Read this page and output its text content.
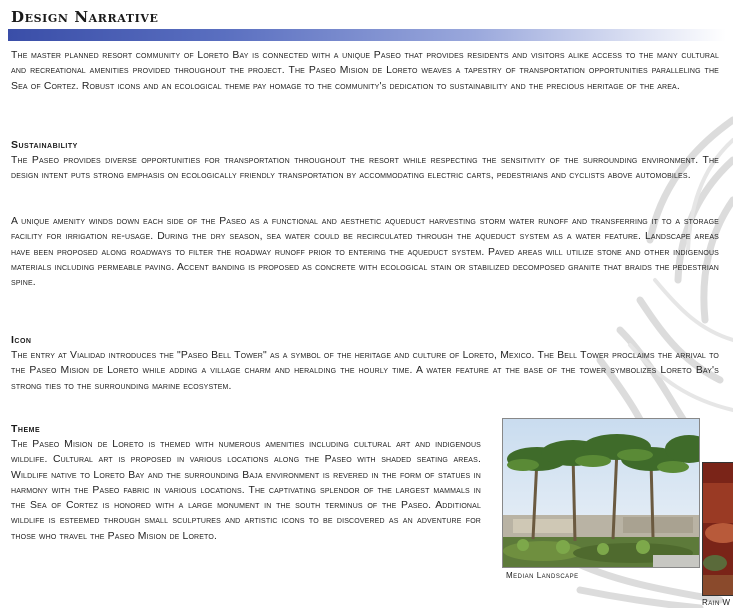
Design Narrative

The master planned resort community of Loreto Bay is connected with a unique Paseo that provides residents and visitors alike access to the many cultural and recreational amenities provided throughout the project. The Paseo Mision de Loreto weaves a tapestry of transportation opportunities paralleling the Sea of Cortez. Robust icons and an ecological theme pay homage to the community's dedication to sustainability and the precious heritage of the area.

Sustainability

The Paseo provides diverse opportunities for transportation throughout the resort while respecting the sensitivity of the surrounding environment. The design intent puts strong emphasis on ecologically friendly transportation by accommodating electric carts, pedestrians and cyclists above automobiles.

A unique amenity winds down each side of the Paseo as a functional and aesthetic aqueduct harvesting storm water runoff and transferring it to a storage facility for irrigation re-usage. During the dry season, sea water could be recirculated through the aqueduct system as a water feature. Landscape areas have been proposed along roadways to filter the roadway runoff prior to entering the aqueduct system. Paved areas will utilize stone and other indigenous materials including permeable paving. Accent banding is proposed as concrete with ecological stain or stabilized decomposed granite that braids the pedestrian spine.

Icon

The entry at Vialidad introduces the "Paseo Bell Tower" as a symbol of the heritage and culture of Loreto, Mexico. The Bell Tower proclaims the arrival to the Paseo Mision de Loreto while adding a village charm and heralding the hourly time. A water feature at the base of the tower symbolizes Loreto Bay's strong ties to the surrounding marine ecosystem.

Theme

The Paseo Mision de Loreto is themed with numerous amenities including cultural art and indigenous wildlife. Cultural art is proposed in various locations along the Paseo with shaded seating areas. Wildlife native to Loreto Bay and the surrounding Baja environment is revered in the form of statues in harmony with the Paseo fabric in various locations. The captivating splendor of the largest mammals in the Sea of Cortez is honored with a large monument in the south terminus of the Paseo. Additional wildlife is esteemed through small sculptures and artistic icons to be discovered as an adventure for those who travel the Paseo Mision de Loreto.

Median Landscape

Rain W
